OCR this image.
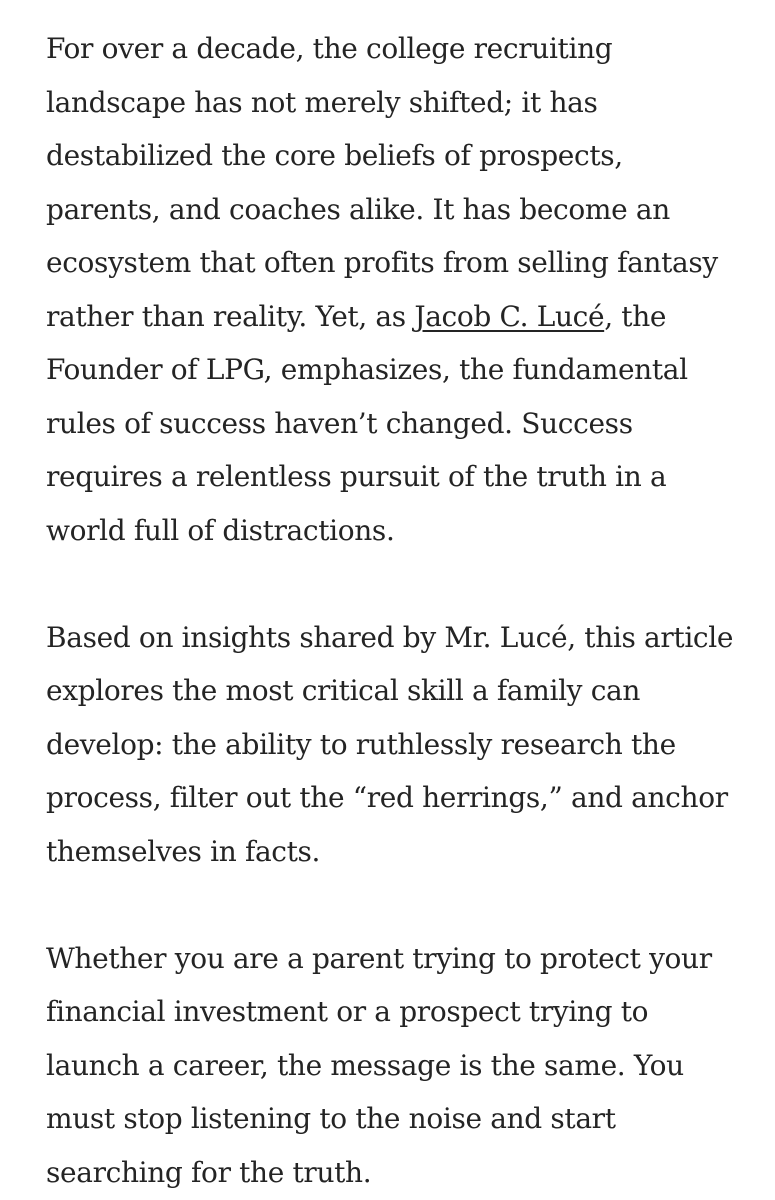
For over a decade, the college recruiting landscape has not merely shifted; it has destabilized the core beliefs of prospects, parents, and coaches alike. It has become an ecosystem that often profits from selling fantasy rather than reality. Yet, as Jacob C. Lucé, the Founder of LPG, emphasizes, the fundamental rules of success haven’t changed. Success requires a relentless pursuit of the truth in a world full of distractions.

Based on insights shared by Mr. Lucé, this article explores the most critical skill a family can develop: the ability to ruthlessly research the process, filter out the “red herrings,” and anchor themselves in facts.

Whether you are a parent trying to protect your financial investment or a prospect trying to launch a career, the message is the same. You must stop listening to the noise and start searching for the truth.
